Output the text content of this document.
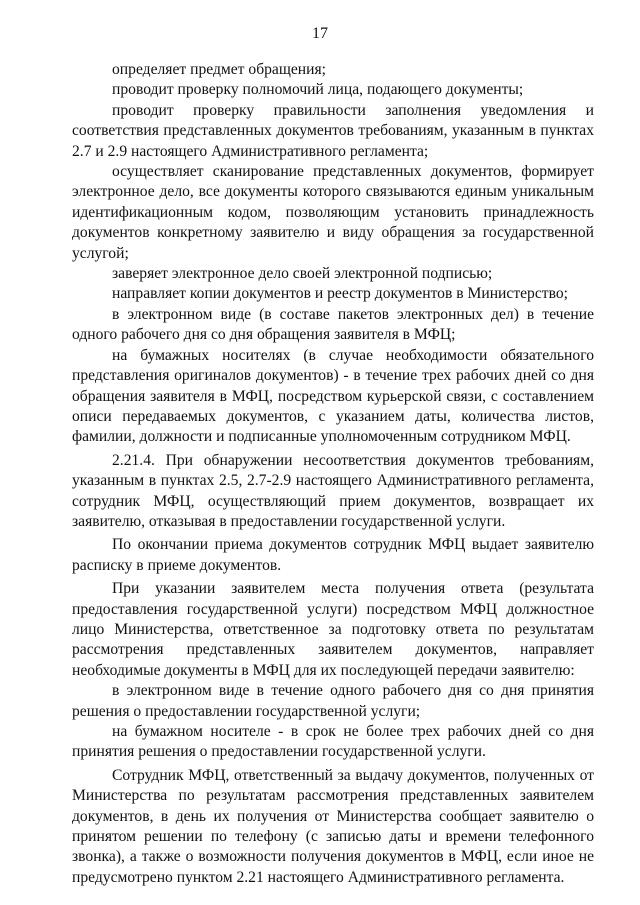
17

определяет предмет обращения;

проводит проверку полномочий лица, подающего документы;

проводит проверку правильности заполнения уведомления и соответствия представленных документов требованиям, указанным в пунктах 2.7 и 2.9 настоящего Административного регламента;

осуществляет сканирование представленных документов, формирует электронное дело, все документы которого связываются единым уникальным идентификационным кодом, позволяющим установить принадлежность документов конкретному заявителю и виду обращения за государственной услугой;

заверяет электронное дело своей электронной подписью;

направляет копии документов и реестр документов в Министерство;

в электронном виде (в составе пакетов электронных дел) в течение одного рабочего дня со дня обращения заявителя в МФЦ;

на бумажных носителях (в случае необходимости обязательного представления оригиналов документов) - в течение трех рабочих дней со дня обращения заявителя в МФЦ, посредством курьерской связи, с составлением описи передаваемых документов, с указанием даты, количества листов, фамилии, должности и подписанные уполномоченным сотрудником МФЦ.

2.21.4. При обнаружении несоответствия документов требованиям, указанным в пунктах 2.5, 2.7-2.9 настоящего Административного регламента, сотрудник МФЦ, осуществляющий прием документов, возвращает их заявителю, отказывая в предоставлении государственной услуги.

По окончании приема документов сотрудник МФЦ выдает заявителю расписку в приеме документов.

При указании заявителем места получения ответа (результата предоставления государственной услуги) посредством МФЦ должностное лицо Министерства, ответственное за подготовку ответа по результатам рассмотрения представленных заявителем документов, направляет необходимые документы в МФЦ для их последующей передачи заявителю:

в электронном виде в течение одного рабочего дня со дня принятия решения о предоставлении государственной услуги;

на бумажном носителе - в срок не более трех рабочих дней со дня принятия решения о предоставлении государственной услуги.

Сотрудник МФЦ, ответственный за выдачу документов, полученных от Министерства по результатам рассмотрения представленных заявителем документов, в день их получения от Министерства сообщает заявителю о принятом решении по телефону (с записью даты и времени телефонного звонка), а также о возможности получения документов в МФЦ, если иное не предусмотрено пунктом 2.21 настоящего Административного регламента.
